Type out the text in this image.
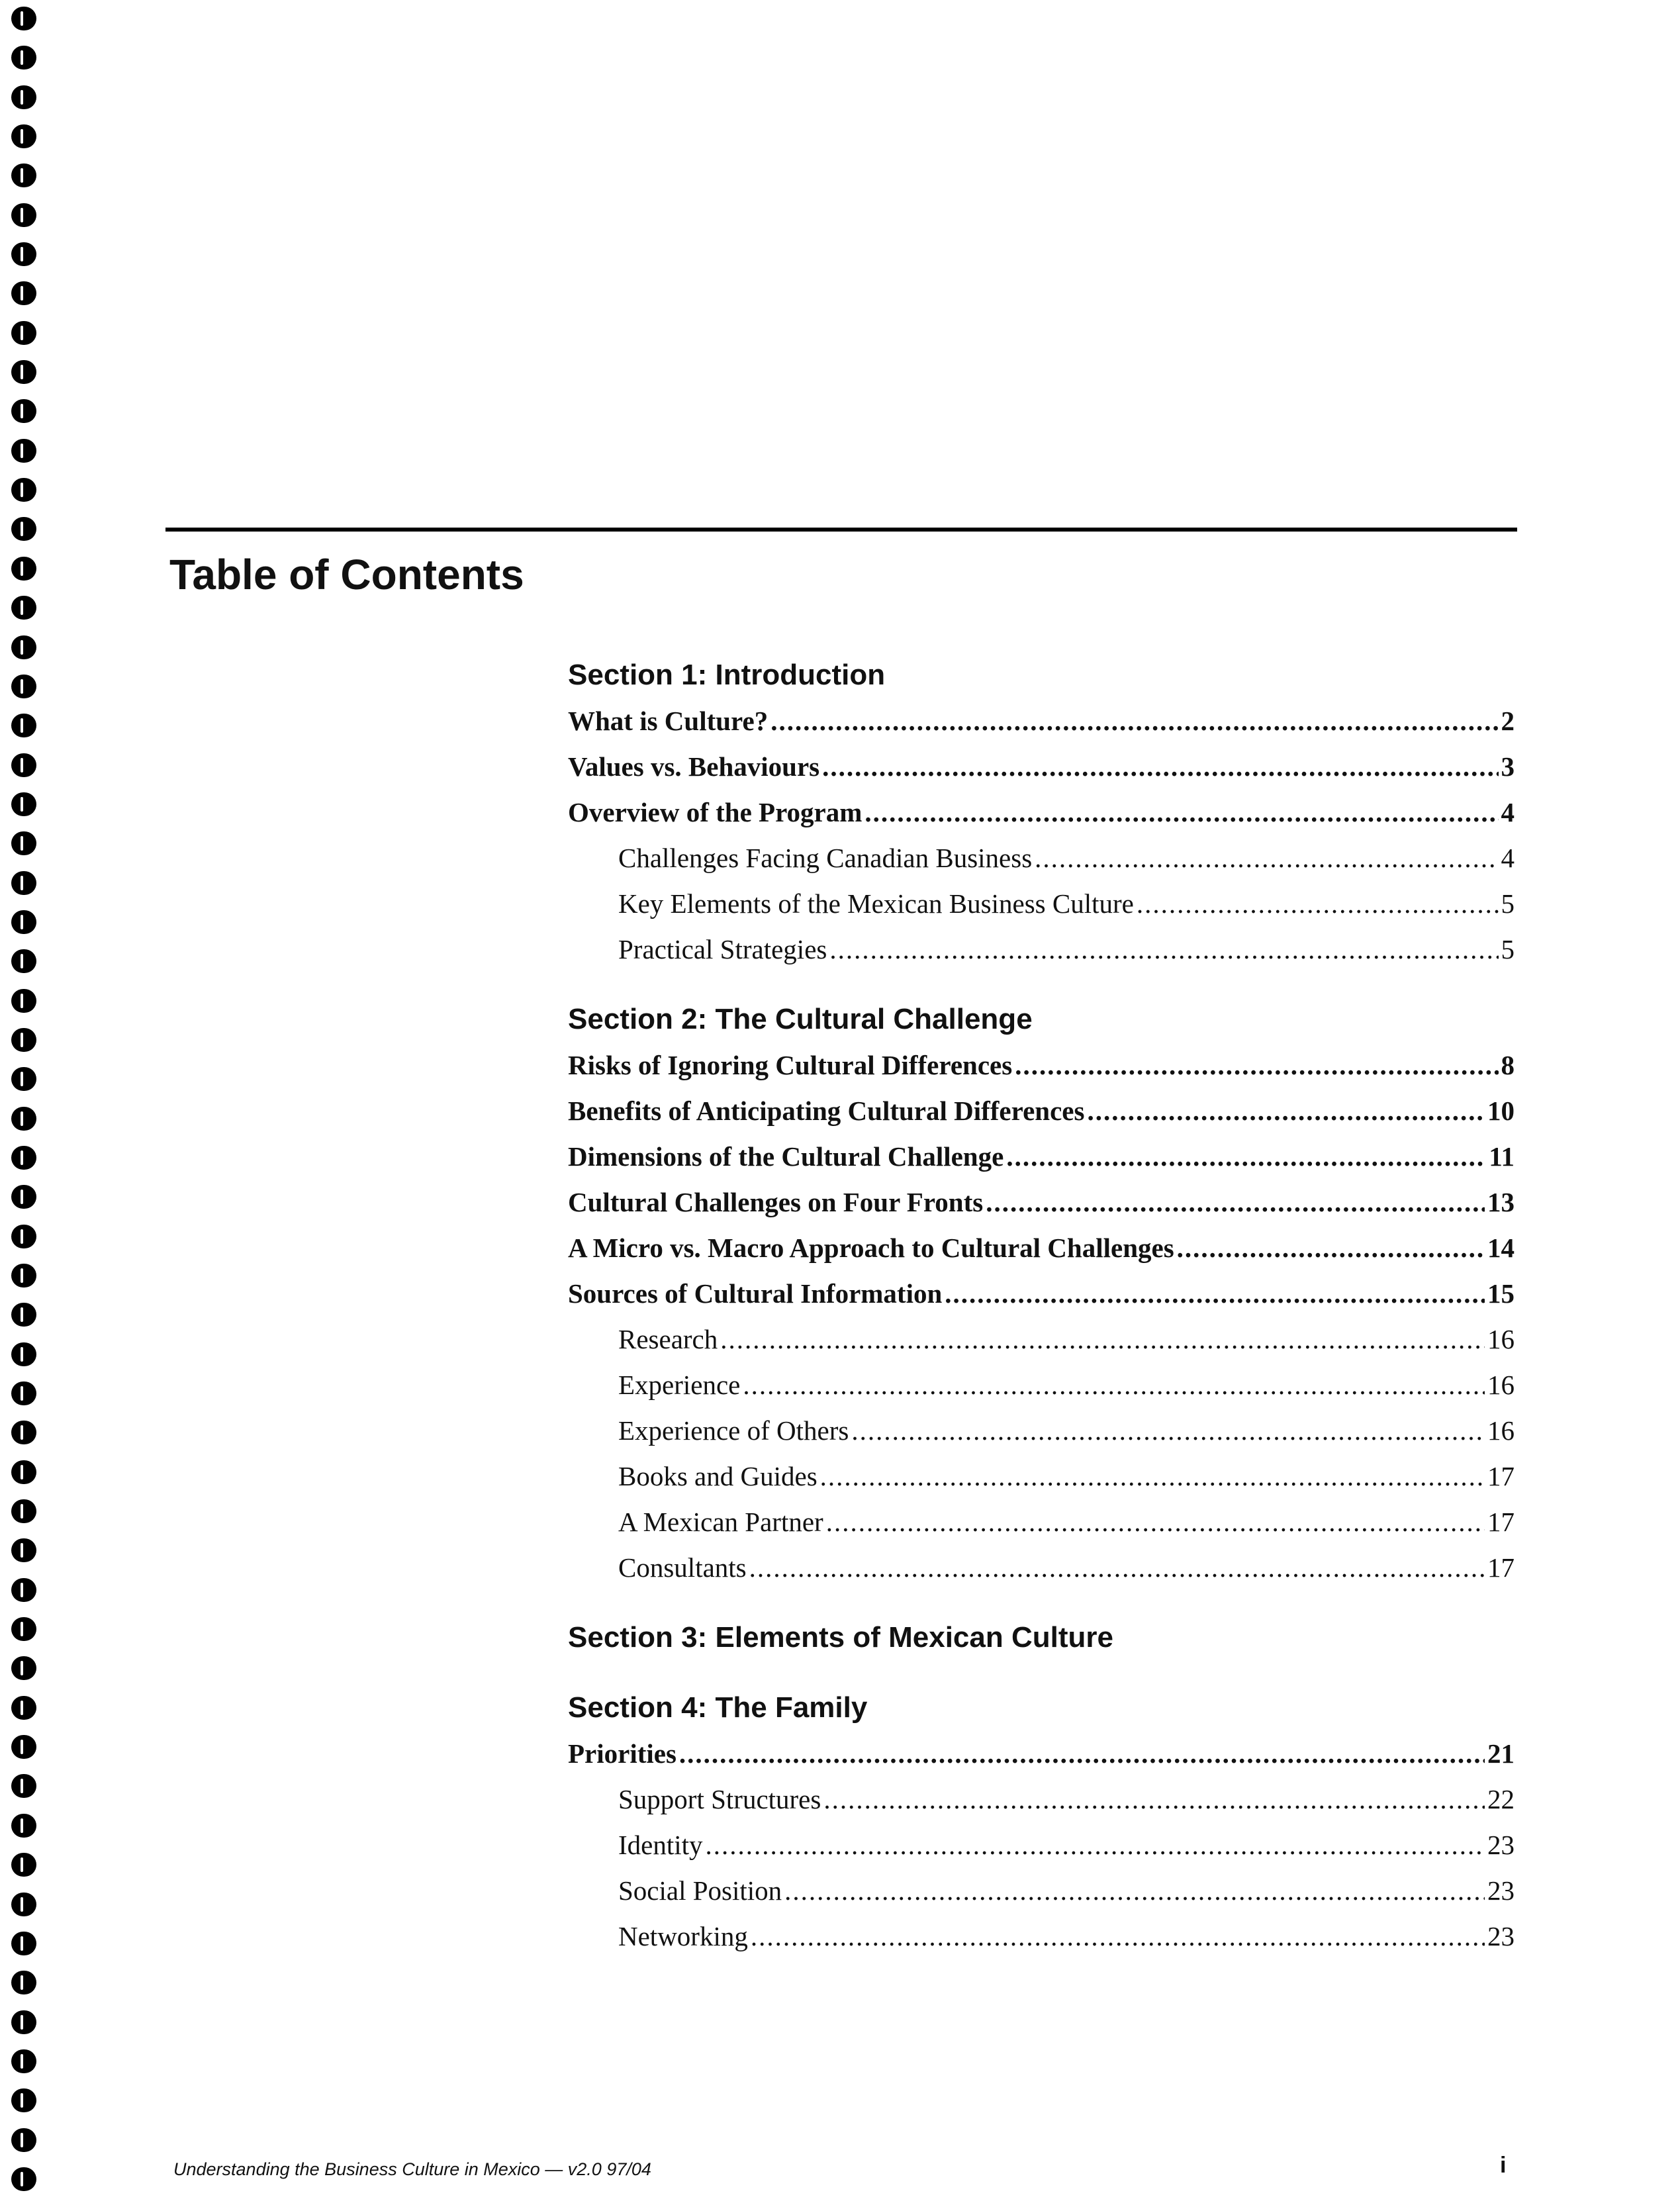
Table of Contents
Section 1: Introduction
What is Culture? .....	2
Values vs. Behaviours .....	3
Overview of the Program .....	4
Challenges Facing Canadian Business .....	4
Key Elements of the Mexican Business Culture .....	5
Practical Strategies .....	5
Section 2: The Cultural Challenge
Risks of Ignoring Cultural Differences .....	8
Benefits of Anticipating Cultural Differences .....	10
Dimensions of the Cultural Challenge .....	11
Cultural Challenges on Four Fronts .....	13
A Micro vs. Macro Approach to Cultural Challenges .....	14
Sources of Cultural Information .....	15
Research .....	16
Experience .....	16
Experience of Others .....	16
Books and Guides .....	17
A Mexican Partner .....	17
Consultants .....	17
Section 3: Elements of Mexican Culture
Section 4: The Family
Priorities .....	21
Support Structures .....	22
Identity .....	23
Social Position .....	23
Networking .....	23
Understanding the Business Culture in Mexico — v2.0 97/04	i
